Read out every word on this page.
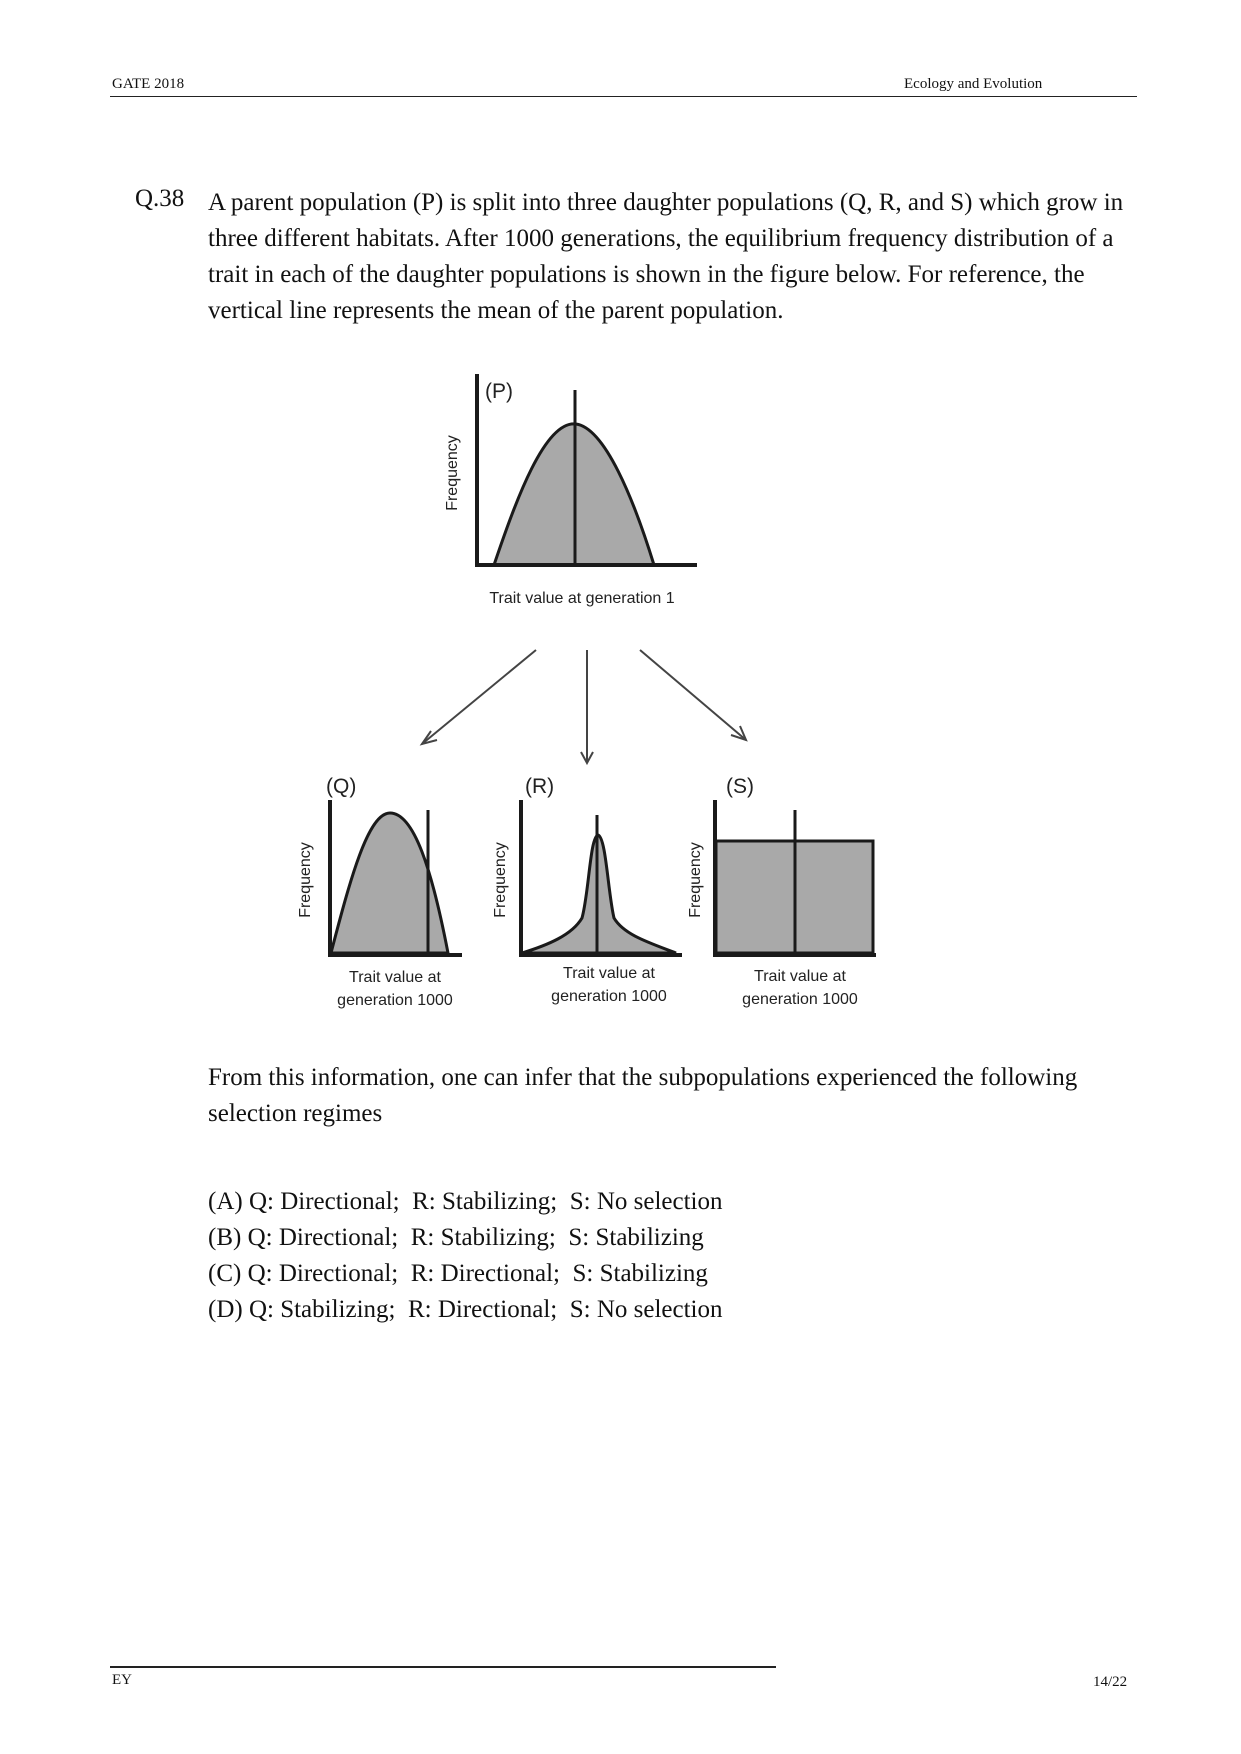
GATE 2018	Ecology and Evolution
Q.38 A parent population (P) is split into three daughter populations (Q, R, and S) which grow in three different habitats. After 1000 generations, the equilibrium frequency distribution of a trait in each of the daughter populations is shown in the figure below. For reference, the vertical line represents the mean of the parent population.
(P)
Frequency
Trait value at generation 1
(Q)
Frequency
Trait value at
generation 1000
(R)
Frequency
Trait value at
generation 1000
(S)
Frequency
Trait value at
generation 1000
From this information, one can infer that the subpopulations experienced the following selection regimes
(A) Q: Directional;  R: Stabilizing;  S: No selection
(B) Q: Directional;  R: Stabilizing;  S: Stabilizing
(C) Q: Directional;  R: Directional;  S: Stabilizing
(D) Q: Stabilizing;  R: Directional;  S: No selection
EY	14/22
